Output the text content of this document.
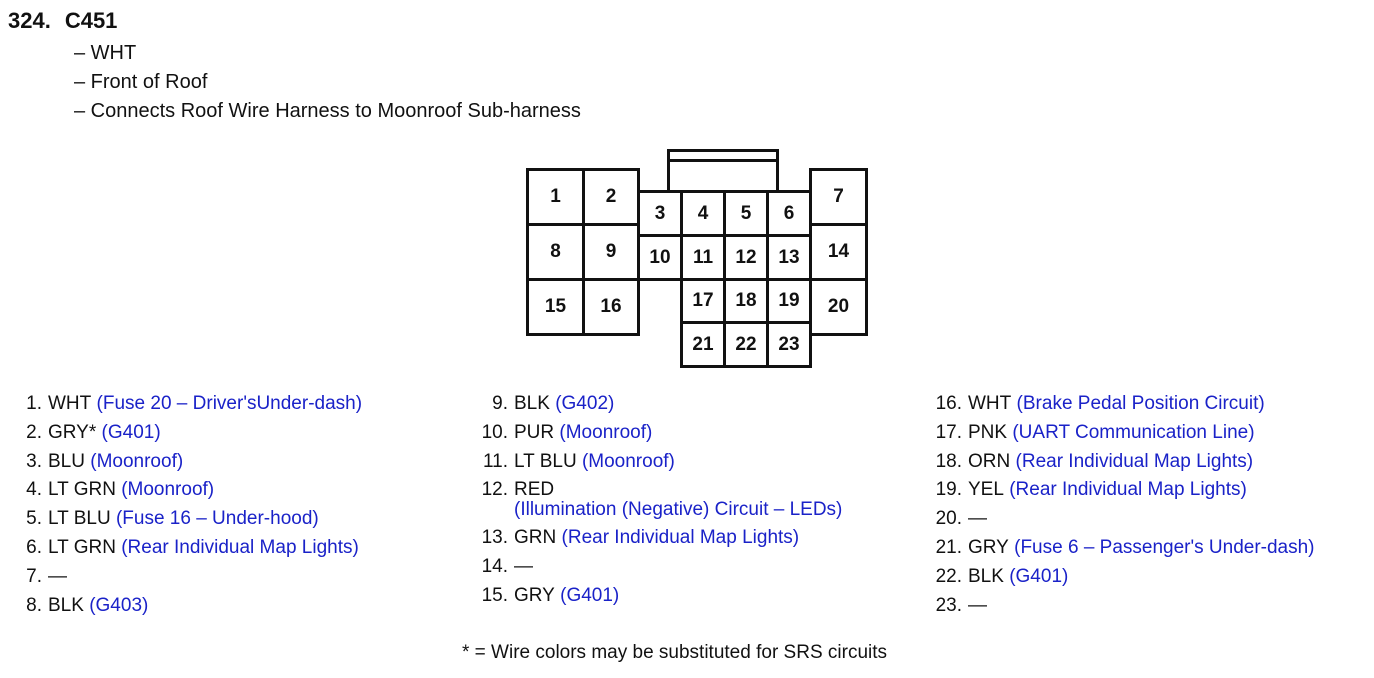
324. C451
– WHT
– Front of Roof
– Connects Roof Wire Harness to Moonroof Sub-harness
1	2
3	4	5	6
7
8	9	10	11	12	13	14
15	16	17	18	19	20
21	22	23
1. WHT
(Fuse 20 – Driver'sUnder-dash)
2. GRY*
(G401)
3. BLU
(Moonroof)
4. LT GRN
(Moonroof)
5. LT BLU
(Fuse 16 – Under-hood)
6. LT GRN
(Rear Individual Map Lights)
7. —

8. BLK
(G403)
9. BLK
(G402)
10. PUR
(Moonroof)
11. LT BLU
(Moonroof)
12. RED

(Illumination (Negative) Circuit – LEDs)
13. GRN
(Rear Individual Map Lights)
14. —

15. GRY
(G401)
16. WHT
(Brake Pedal Position Circuit)
17. PNK
(UART Communication Line)
18. ORN
(Rear Individual Map Lights)
19. YEL
(Rear Individual Map Lights)
20. —

21. GRY
(Fuse 6 – Passenger's Under-dash)
22. BLK
(G401)
23. —

* = Wire colors may be substituted for SRS circuits
